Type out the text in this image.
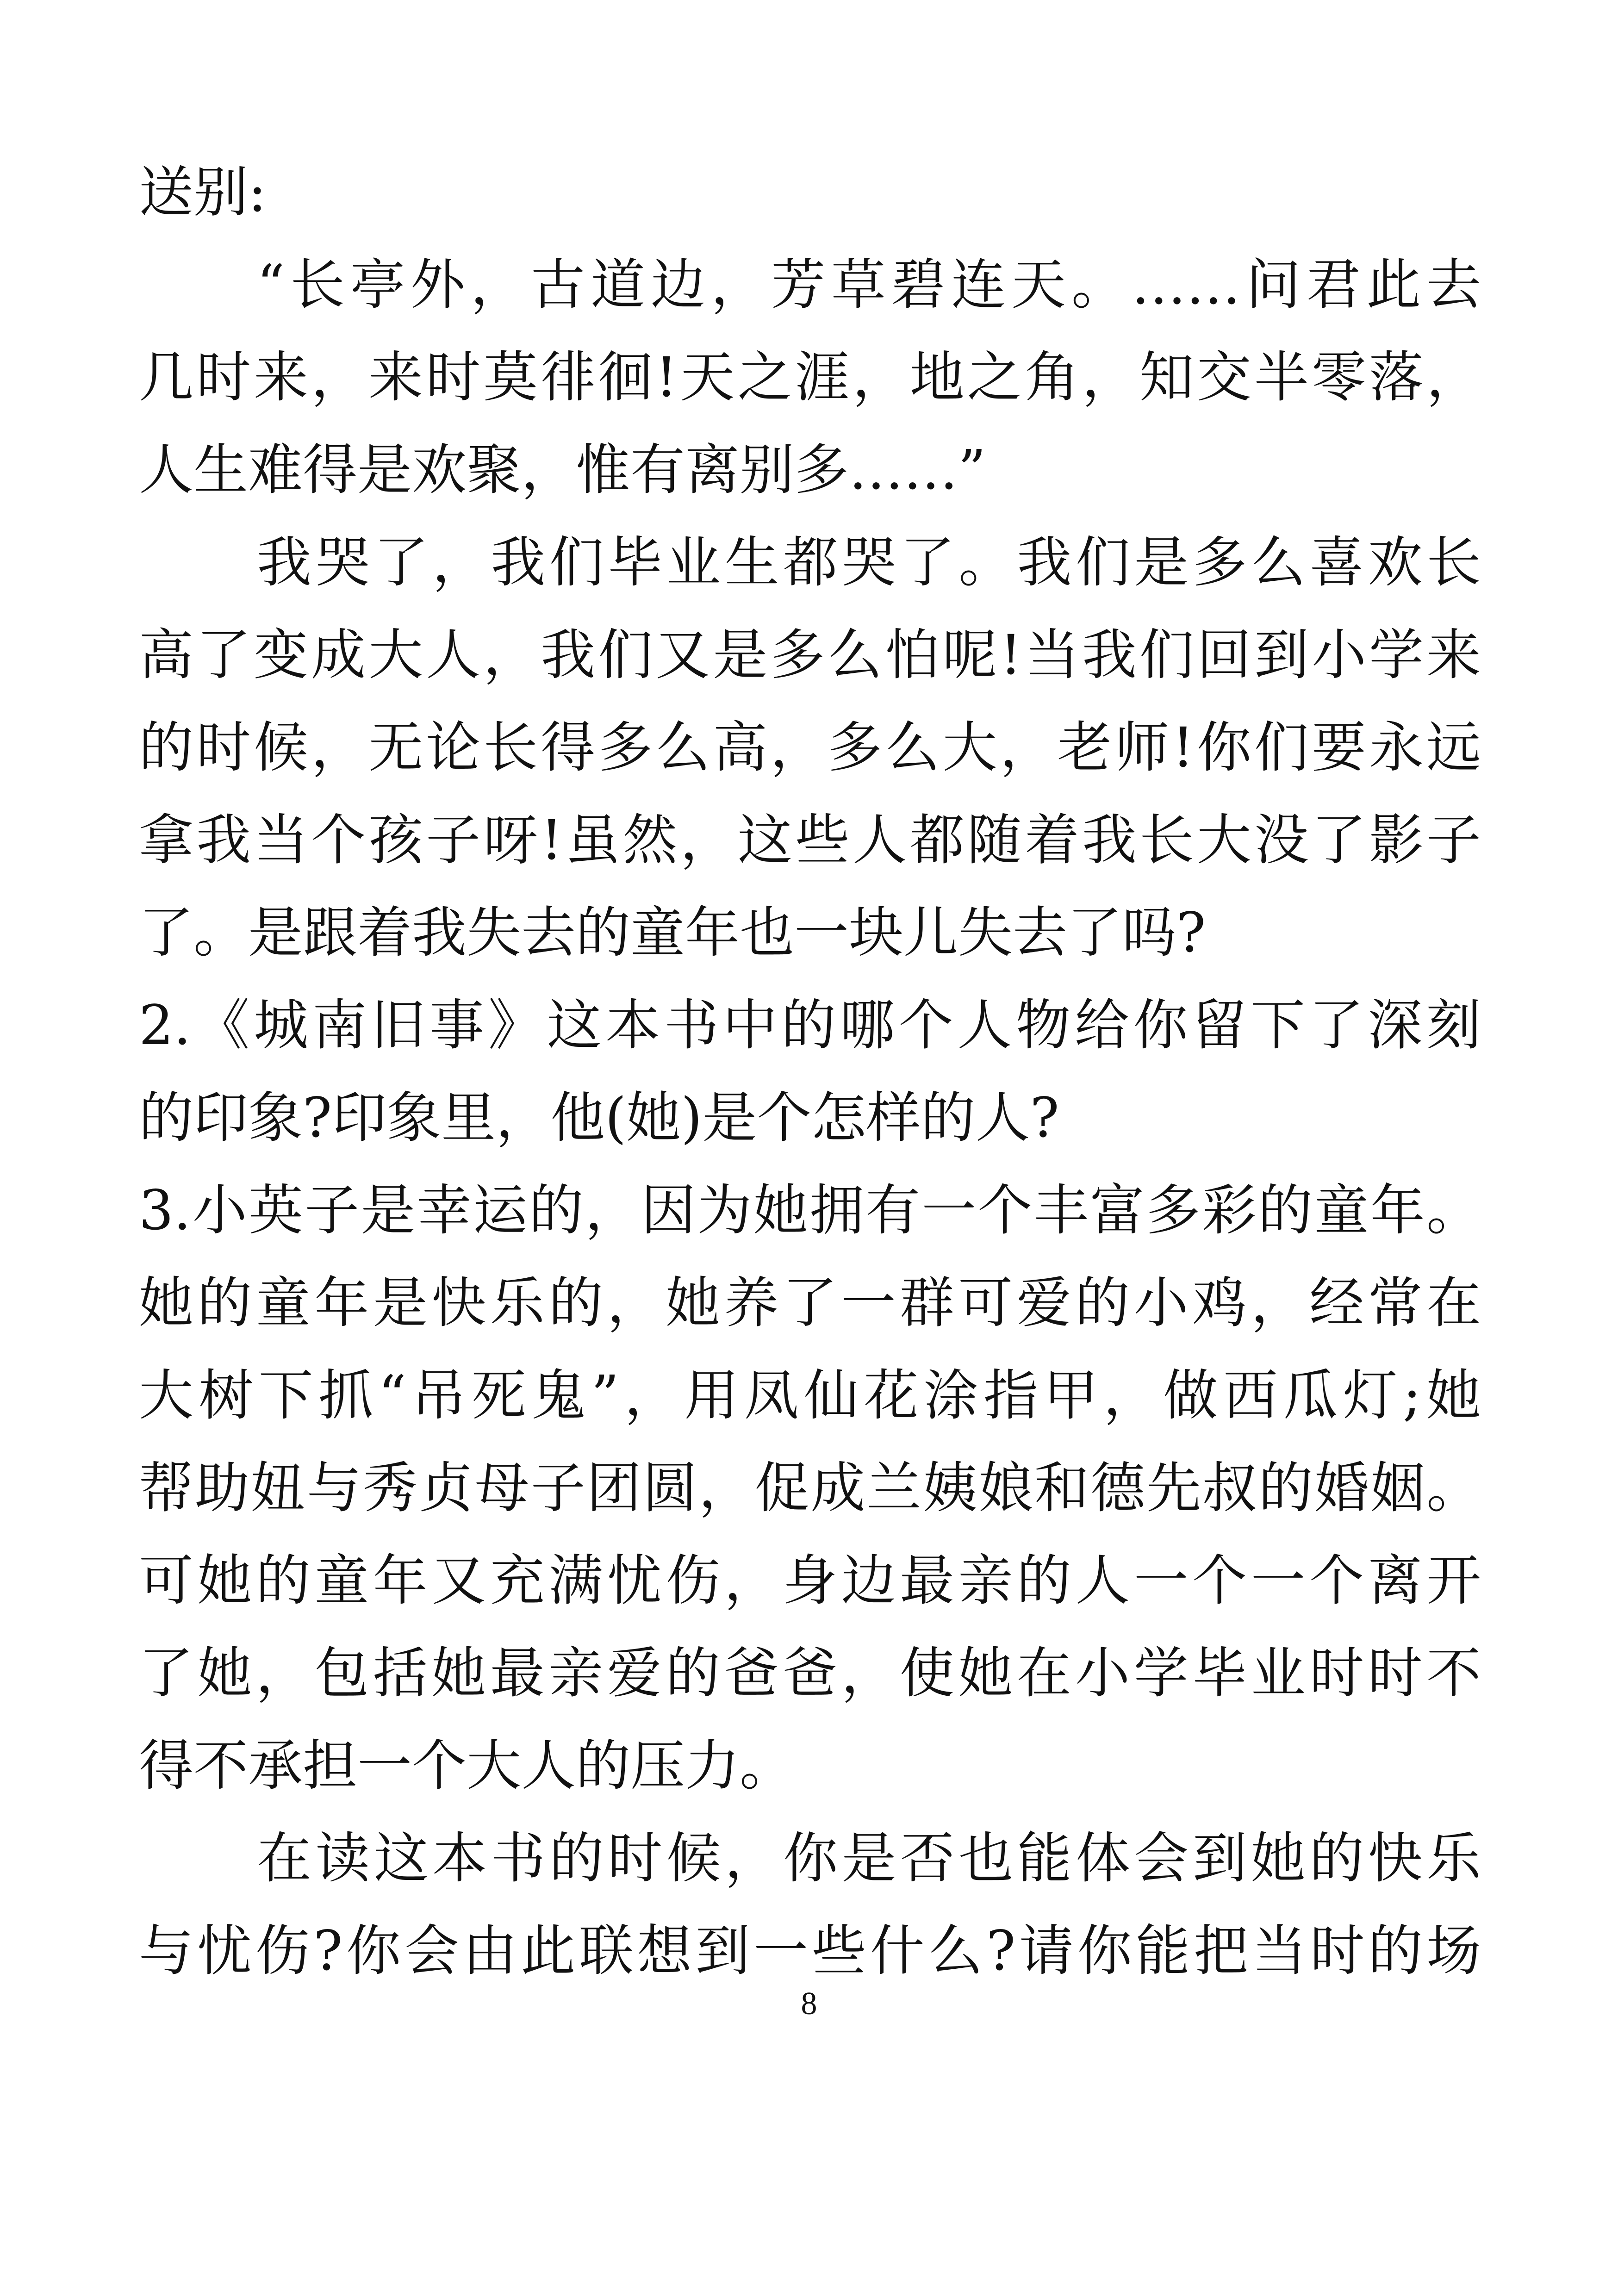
送别:
“长亭外，古道边，芳草碧连天。……问君此去
几时来，来时莫徘徊!天之涯，地之角，知交半零落，
人生难得是欢聚，惟有离别多……”
我哭了，我们毕业生都哭了。我们是多么喜欢长
高了变成大人，我们又是多么怕呢!当我们回到小学来
的时候，无论长得多么高，多么大，老师!你们要永远
拿我当个孩子呀!虽然，这些人都随着我长大没了影子
了。是跟着我失去的童年也一块儿失去了吗?
2.《城南旧事》这本书中的哪个人物给你留下了深刻
的印象?印象里，他(她)是个怎样的人?
3.小英子是幸运的，因为她拥有一个丰富多彩的童年。
她的童年是快乐的，她养了一群可爱的小鸡，经常在
大树下抓“吊死鬼”，用凤仙花涂指甲，做西瓜灯;她
帮助妞与秀贞母子团圆，促成兰姨娘和德先叔的婚姻。
可她的童年又充满忧伤，身边最亲的人一个一个离开
了她，包括她最亲爱的爸爸，使她在小学毕业时时不
得不承担一个大人的压力。
在读这本书的时候，你是否也能体会到她的快乐
与忧伤?你会由此联想到一些什么?请你能把当时的场
8
